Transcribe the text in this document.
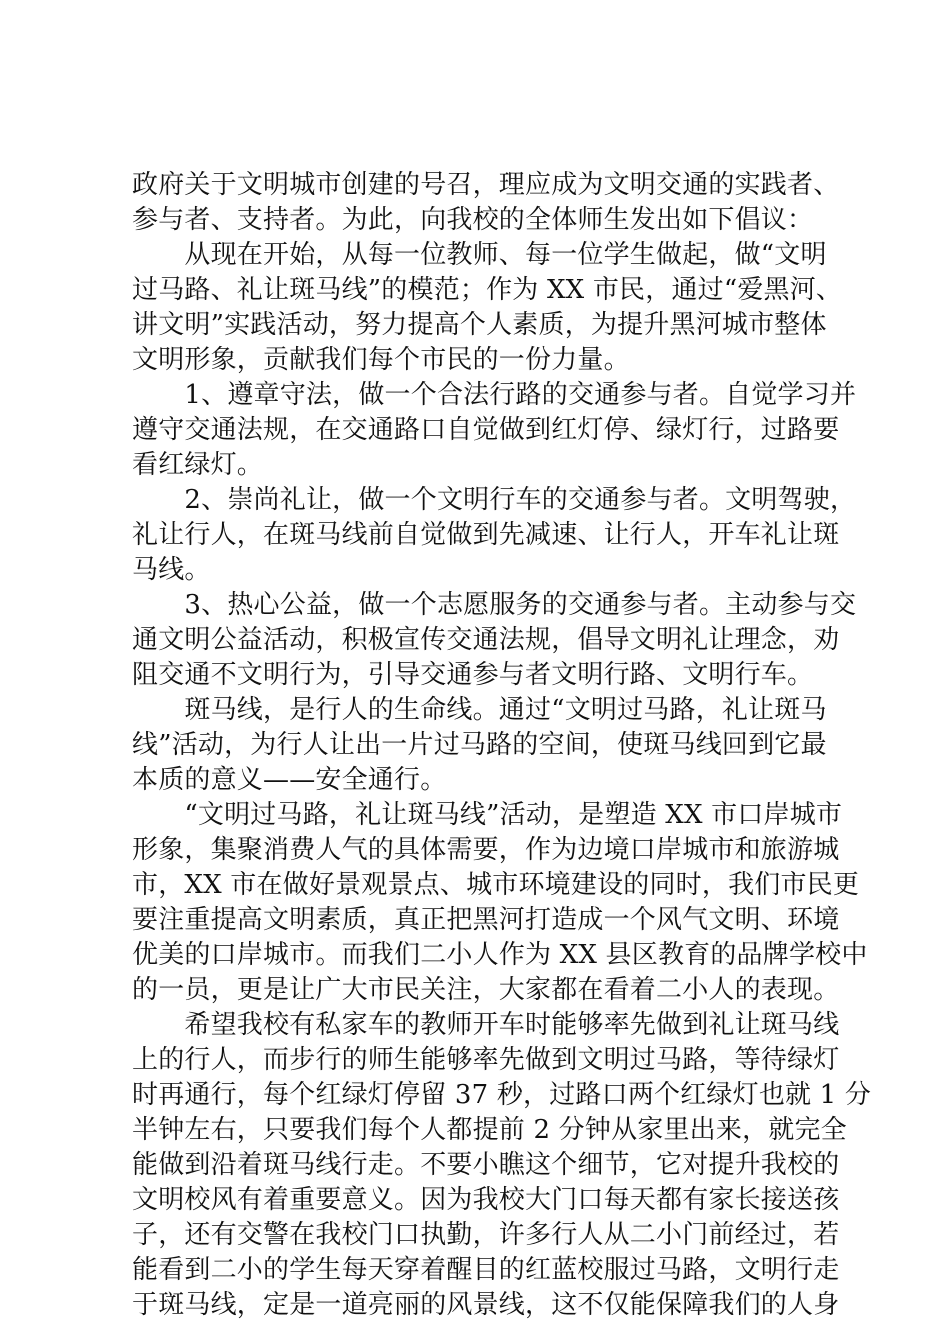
政府关于文明城市创建的号召，理应成为文明交通的实践者、
参与者、支持者。为此，向我校的全体师生发出如下倡议：
　　从现在开始，从每一位教师、每一位学生做起，做“文明
过马路、礼让斑马线”的模范；作为 XX 市民，通过“爱黑河、
讲文明”实践活动，努力提高个人素质，为提升黑河城市整体
文明形象，贡献我们每个市民的一份力量。
　　1、遵章守法，做一个合法行路的交通参与者。自觉学习并
遵守交通法规，在交通路口自觉做到红灯停、绿灯行，过路要
看红绿灯。
　　2、崇尚礼让，做一个文明行车的交通参与者。文明驾驶，
礼让行人，在斑马线前自觉做到先减速、让行人，开车礼让斑
马线。
　　3、热心公益，做一个志愿服务的交通参与者。主动参与交
通文明公益活动，积极宣传交通法规，倡导文明礼让理念，劝
阻交通不文明行为，引导交通参与者文明行路、文明行车。
　　斑马线，是行人的生命线。通过“文明过马路，礼让斑马
线”活动，为行人让出一片过马路的空间，使斑马线回到它最
本质的意义——安全通行。
　　“文明过马路，礼让斑马线”活动，是塑造 XX 市口岸城市
形象，集聚消费人气的具体需要，作为边境口岸城市和旅游城
市，XX 市在做好景观景点、城市环境建设的同时，我们市民更
要注重提高文明素质，真正把黑河打造成一个风气文明、环境
优美的口岸城市。而我们二小人作为 XX 县区教育的品牌学校中
的一员，更是让广大市民关注，大家都在看着二小人的表现。
　　希望我校有私家车的教师开车时能够率先做到礼让斑马线
上的行人，而步行的师生能够率先做到文明过马路，等待绿灯
时再通行，每个红绿灯停留 37 秒，过路口两个红绿灯也就 1 分
半钟左右，只要我们每个人都提前 2 分钟从家里出来，就完全
能做到沿着斑马线行走。不要小瞧这个细节，它对提升我校的
文明校风有着重要意义。因为我校大门口每天都有家长接送孩
子，还有交警在我校门口执勤，许多行人从二小门前经过，若
能看到二小的学生每天穿着醒目的红蓝校服过马路，文明行走
于斑马线，定是一道亮丽的风景线，这不仅能保障我们的人身
